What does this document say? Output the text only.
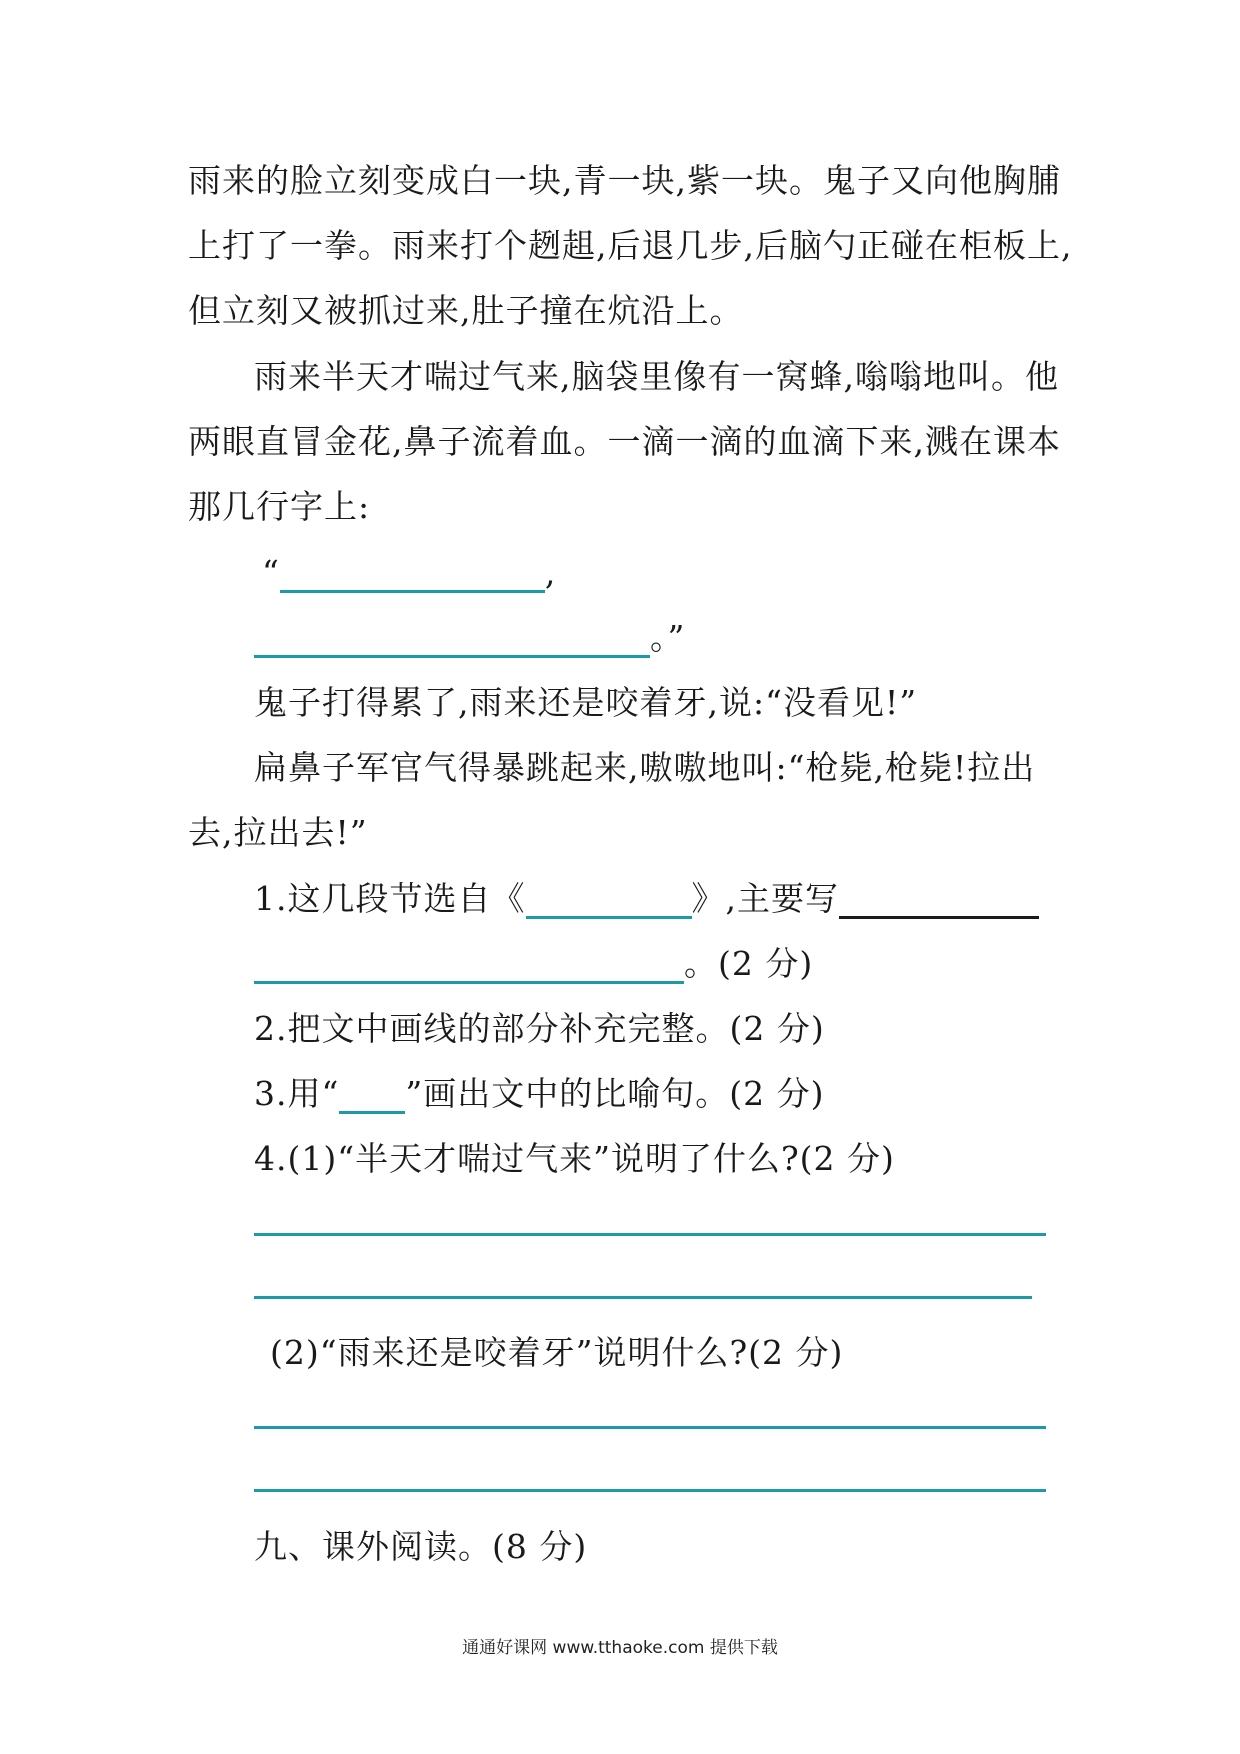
雨来的脸立刻变成白一块,青一块,紫一块。鬼子又向他胸脯
上打了一拳。雨来打个趔趄,后退几步,后脑勺正碰在柜板上,
但立刻又被抓过来,肚子撞在炕沿上。
雨来半天才喘过气来,脑袋里像有一窝蜂,嗡嗡地叫。他
两眼直冒金花,鼻子流着血。一滴一滴的血滴下来,溅在课本
那几行字上:
“	,
。”
鬼子打得累了,雨来还是咬着牙,说:“没看见!”
扁鼻子军官气得暴跳起来,嗷嗷地叫:“枪毙,枪毙!拉出
去,拉出去!”
1.这几段节选自《	》,主要写
。(2 分)
2.把文中画线的部分补充完整。(2 分)
3.用“ ”画出文中的比喻句。(2 分)
4.(1)“半天才喘过气来”说明了什么?(2 分)
(2)“雨来还是咬着牙”说明什么?(2 分)
九、课外阅读。(8 分)
通通好课网 www.tthaoke.com 提供下载
